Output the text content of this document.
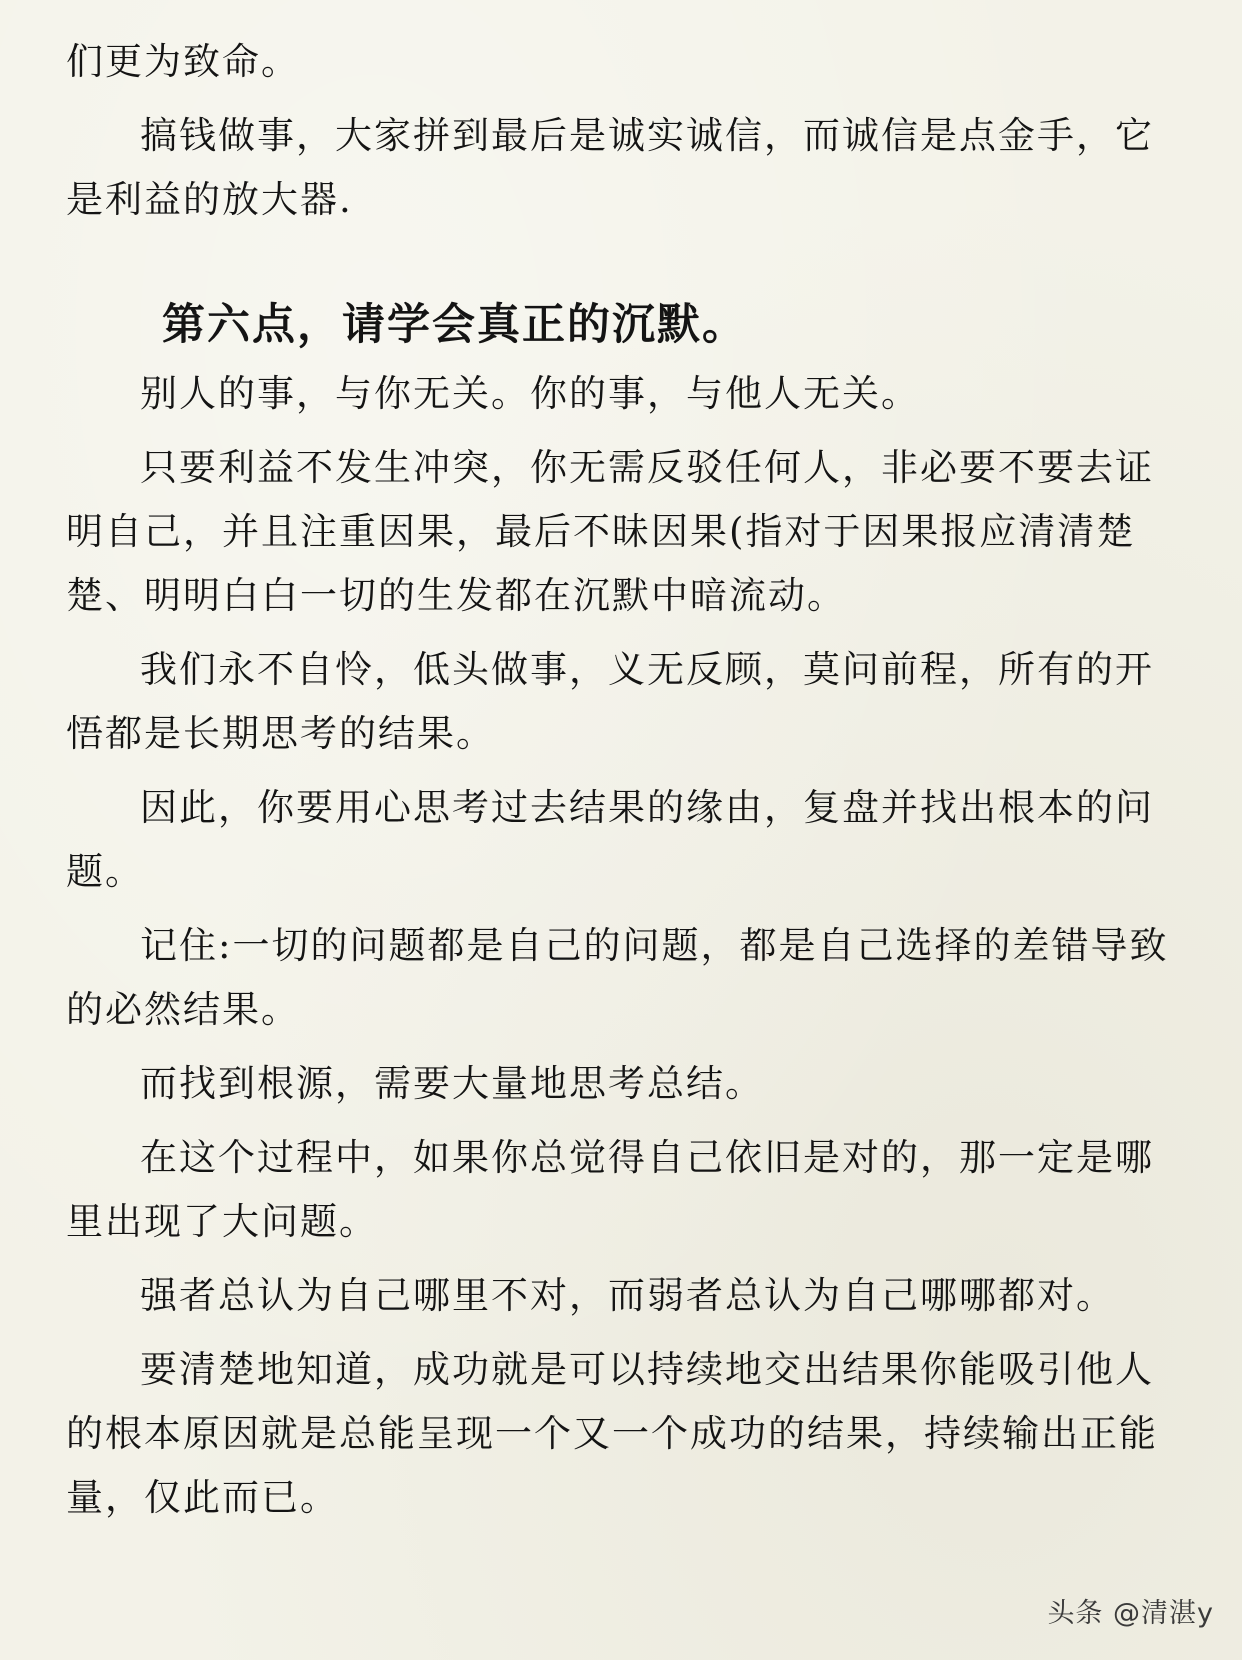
们更为致命。

搞钱做事，大家拼到最后是诚实诚信，而诚信是点金手，它是利益的放大器.

第六点，请学会真正的沉默。

别人的事，与你无关。你的事，与他人无关。

只要利益不发生冲突，你无需反驳任何人，非必要不要去证明自己，并且注重因果，最后不昧因果(指对于因果报应清清楚楚、明明白白一切的生发都在沉默中暗流动。

我们永不自怜，低头做事，义无反顾，莫问前程，所有的开悟都是长期思考的结果。

因此，你要用心思考过去结果的缘由，复盘并找出根本的问题。

记住:一切的问题都是自己的问题，都是自己选择的差错导致的必然结果。

而找到根源，需要大量地思考总结。

在这个过程中，如果你总觉得自己依旧是对的，那一定是哪里出现了大问题。

强者总认为自己哪里不对，而弱者总认为自己哪哪都对。

要清楚地知道，成功就是可以持续地交出结果你能吸引他人的根本原因就是总能呈现一个又一个成功的结果，持续输出正能量，仅此而已。

头条 @清湛y
